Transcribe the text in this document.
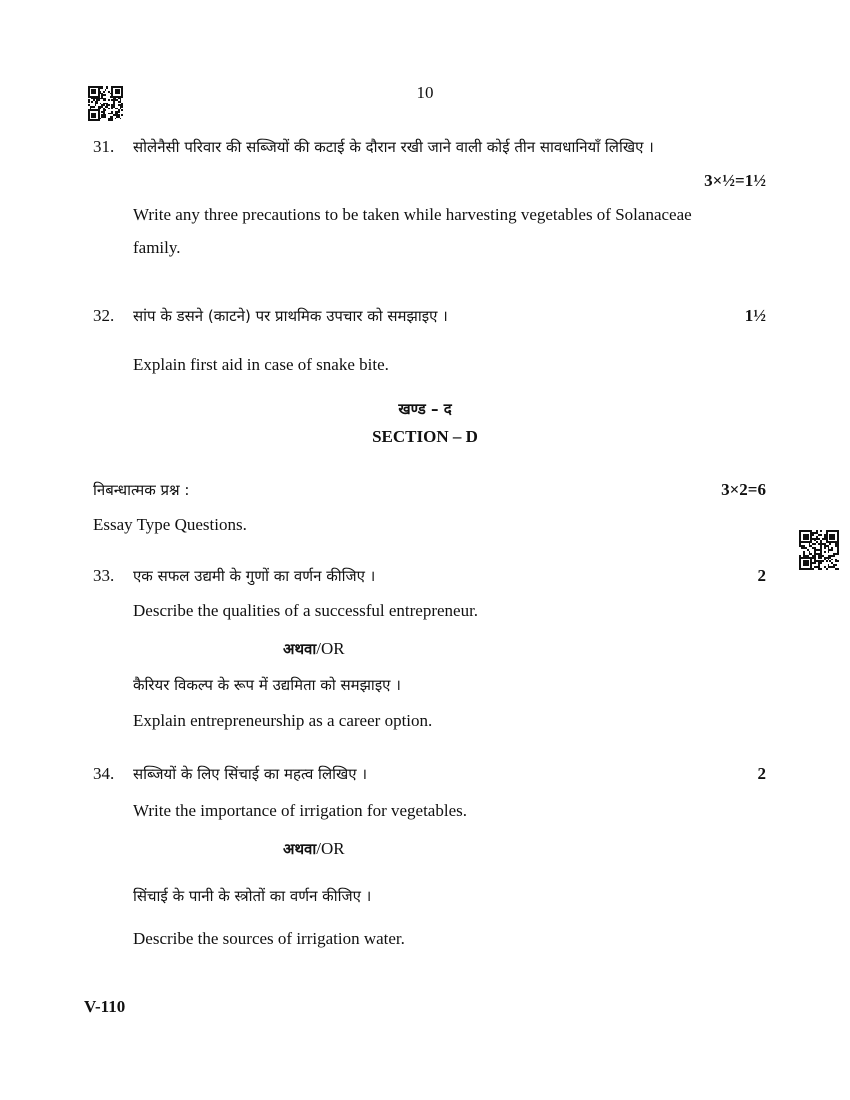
10
31. सोलेनैसी परिवार की सब्जियों की कटाई के दौरान रखी जाने वाली कोई तीन सावधानियाँ लिखिए ।
3×½=1½
Write any three precautions to be taken while harvesting vegetables of Solanaceae
family.
32. सांप के डसने (काटने) पर प्राथमिक उपचार को समझाइए ।	1½
Explain first aid in case of snake bite.
खण्ड – द
SECTION – D
निबन्धात्मक प्रश्न :	3×2=6
Essay Type Questions.
33. एक सफल उद्यमी के गुणों का वर्णन कीजिए ।	2
Describe the qualities of a successful entrepreneur.
अथवा/OR
कैरियर विकल्प के रूप में उद्यमिता को समझाइए ।
Explain entrepreneurship as a career option.
34. सब्जियों के लिए सिंचाई का महत्व लिखिए ।	2
Write the importance of irrigation for vegetables.
अथवा/OR
सिंचाई के पानी के स्त्रोतों का वर्णन कीजिए ।
Describe the sources of irrigation water.
V-110
